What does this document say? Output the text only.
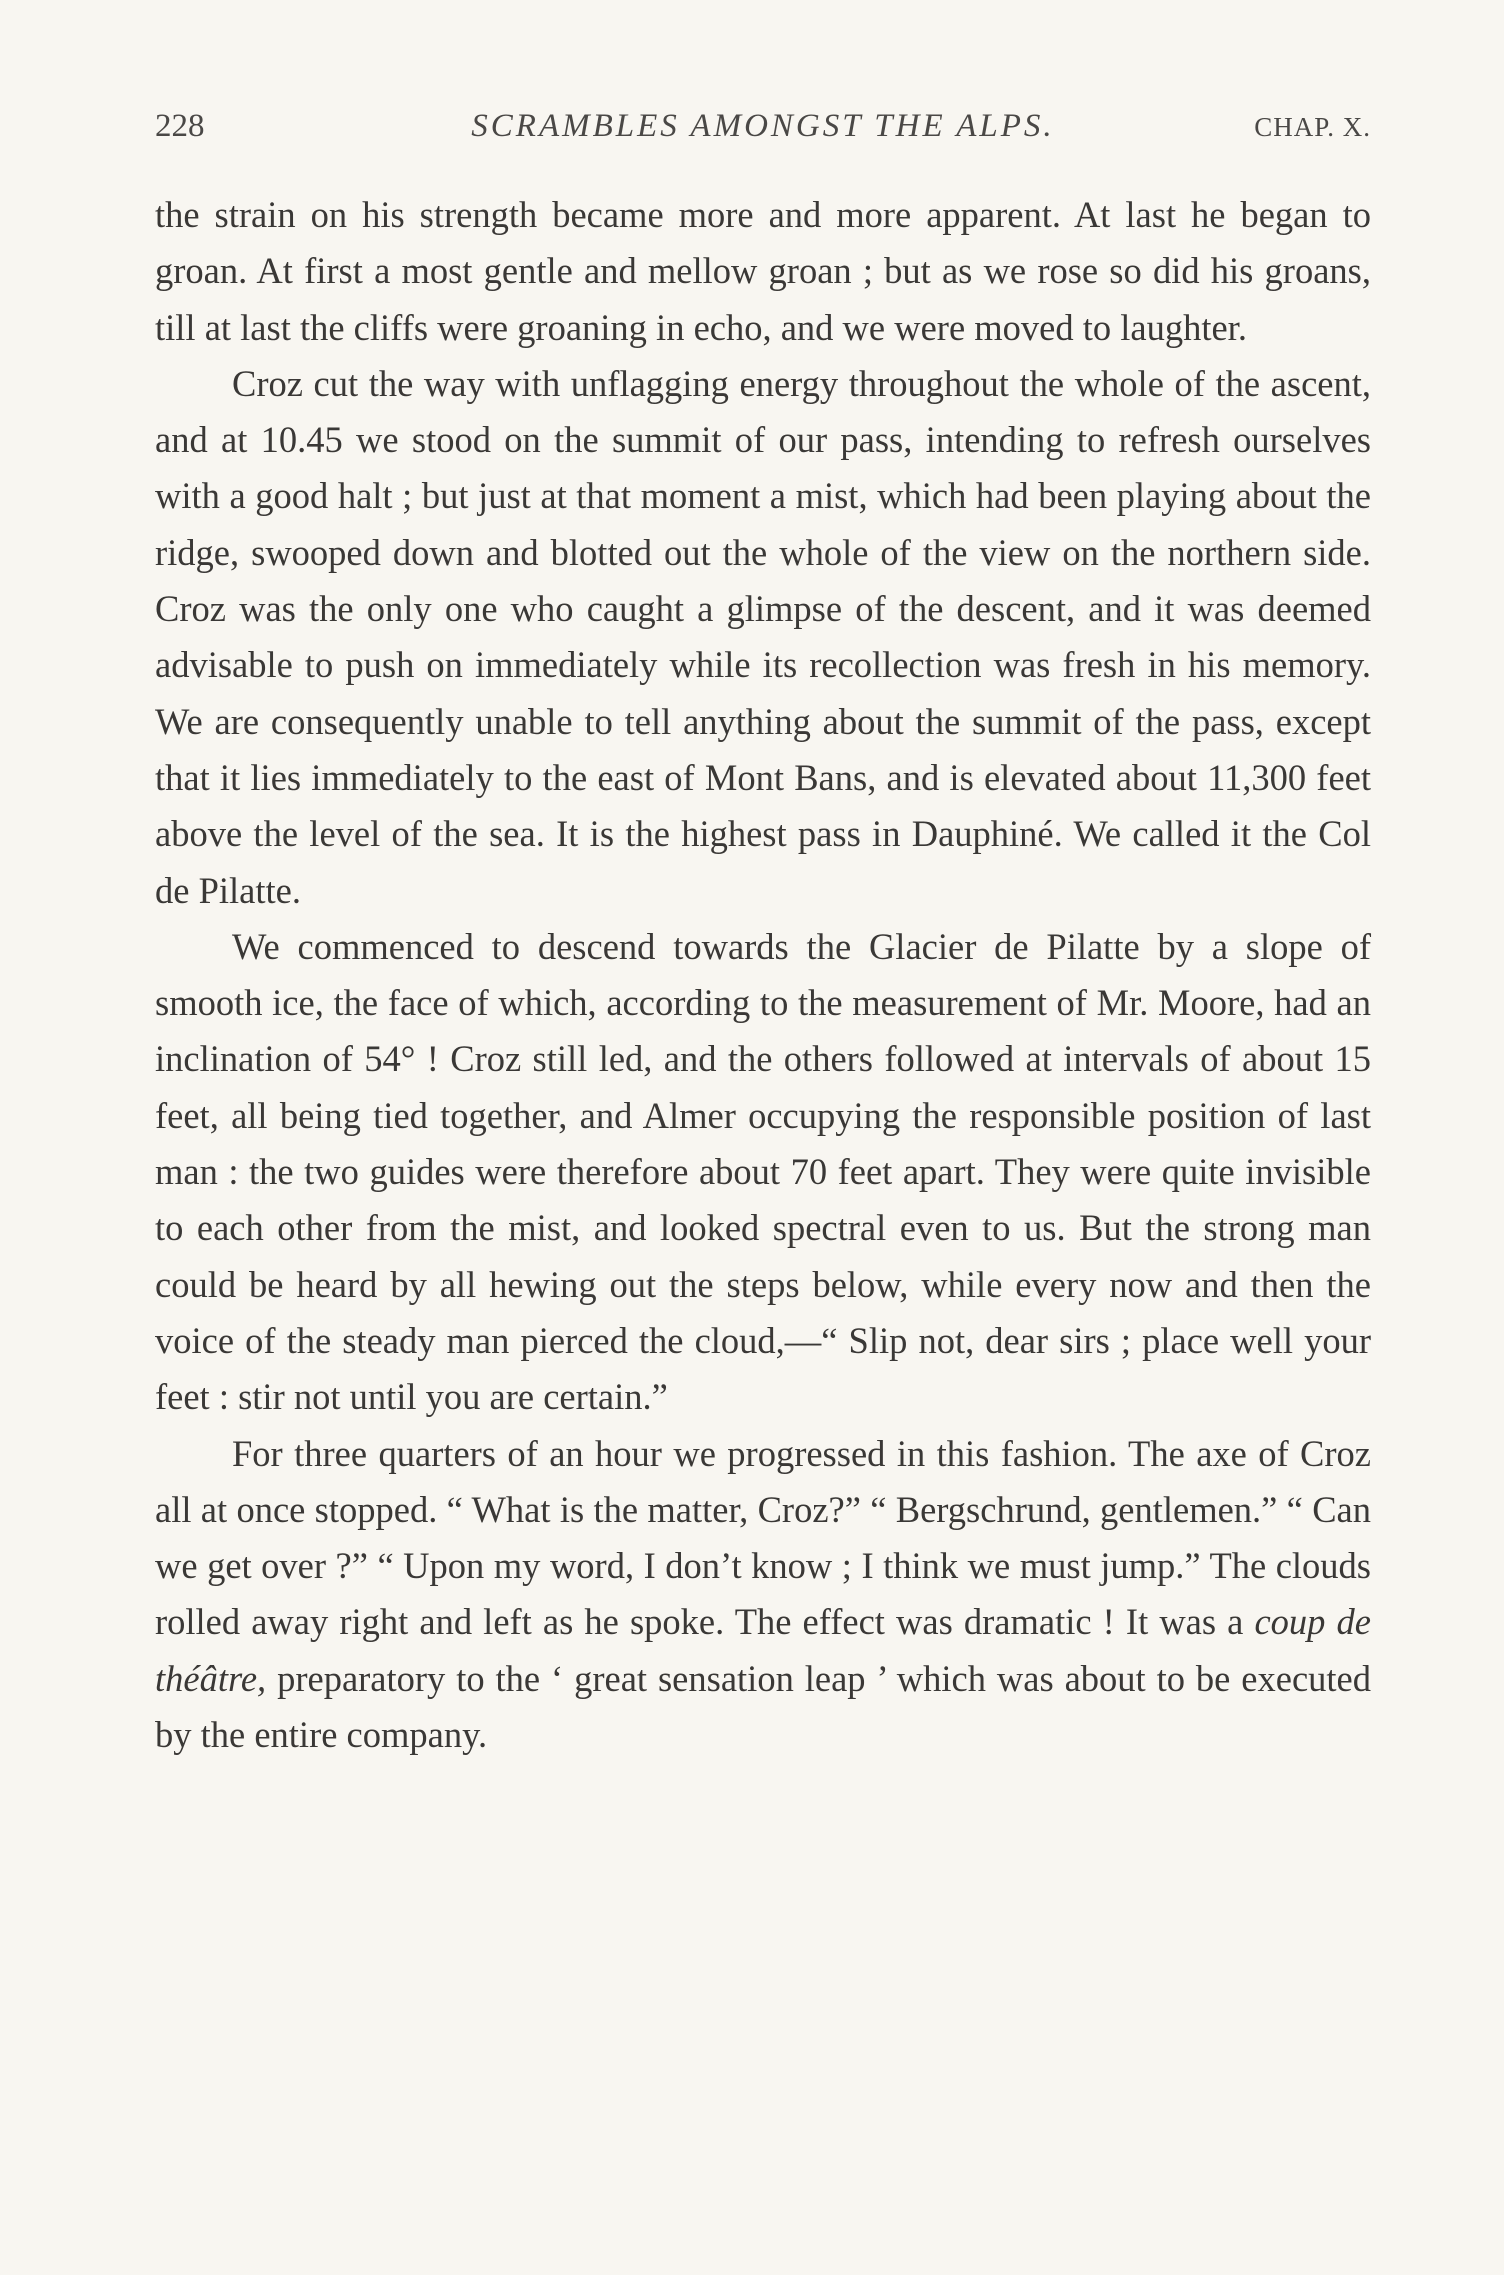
228	SCRAMBLES AMONGST THE ALPS.	CHAP. X.

the strain on his strength became more and more apparent. At last he began to groan. At first a most gentle and mellow groan ; but as we rose so did his groans, till at last the cliffs were groaning in echo, and we were moved to laughter.

Croz cut the way with unflagging energy throughout the whole of the ascent, and at 10.45 we stood on the summit of our pass, intending to refresh ourselves with a good halt ; but just at that moment a mist, which had been playing about the ridge, swooped down and blotted out the whole of the view on the northern side. Croz was the only one who caught a glimpse of the descent, and it was deemed advisable to push on immediately while its recollection was fresh in his memory. We are consequently unable to tell anything about the summit of the pass, except that it lies immediately to the east of Mont Bans, and is elevated about 11,300 feet above the level of the sea. It is the highest pass in Dauphiné. We called it the Col de Pilatte.

We commenced to descend towards the Glacier de Pilatte by a slope of smooth ice, the face of which, according to the measurement of Mr. Moore, had an inclination of 54° ! Croz still led, and the others followed at intervals of about 15 feet, all being tied together, and Almer occupying the responsible position of last man : the two guides were therefore about 70 feet apart. They were quite invisible to each other from the mist, and looked spectral even to us. But the strong man could be heard by all hewing out the steps below, while every now and then the voice of the steady man pierced the cloud,—“ Slip not, dear sirs ; place well your feet : stir not until you are certain.”

For three quarters of an hour we progressed in this fashion. The axe of Croz all at once stopped. “ What is the matter, Croz?” “ Bergschrund, gentlemen.” “ Can we get over ?” “ Upon my word, I don’t know ; I think we must jump.” The clouds rolled away right and left as he spoke. The effect was dramatic ! It was a coup de théâtre, preparatory to the ‘ great sensation leap ’ which was about to be executed by the entire company.
